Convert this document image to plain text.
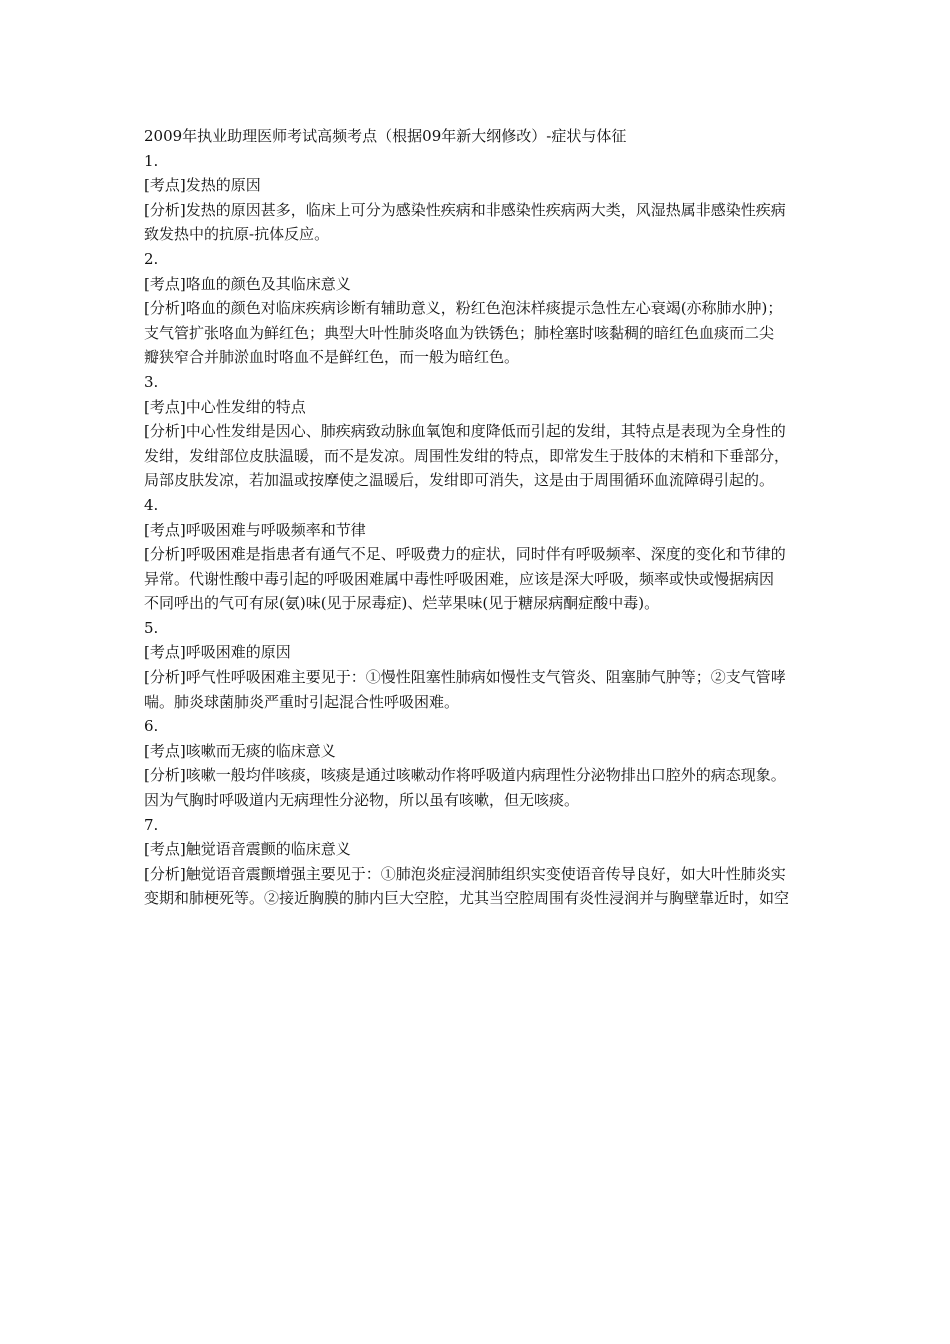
2009年执业助理医师考试高频考点（根据09年新大纲修改）-症状与体征
1.
[考点]发热的原因
[分析]发热的原因甚多，临床上可分为感染性疾病和非感染性疾病两大类，风湿热属非感染性疾病
致发热中的抗原-抗体反应。
2.
[考点]咯血的颜色及其临床意义
[分析]咯血的颜色对临床疾病诊断有辅助意义，粉红色泡沫样痰提示急性左心衰竭(亦称肺水肿)；
支气管扩张咯血为鲜红色；典型大叶性肺炎咯血为铁锈色；肺栓塞时咳黏稠的暗红色血痰而二尖
瓣狭窄合并肺淤血时咯血不是鲜红色，而一般为暗红色。
3.
[考点]中心性发绀的特点
[分析]中心性发绀是因心、肺疾病致动脉血氧饱和度降低而引起的发绀，其特点是表现为全身性的
发绀，发绀部位皮肤温暖，而不是发凉。周围性发绀的特点，即常发生于肢体的末梢和下垂部分，
局部皮肤发凉，若加温或按摩使之温暖后，发绀即可消失，这是由于周围循环血流障碍引起的。
4.
[考点]呼吸困难与呼吸频率和节律
[分析]呼吸困难是指患者有通气不足、呼吸费力的症状，同时伴有呼吸频率、深度的变化和节律的
异常。代谢性酸中毒引起的呼吸困难属中毒性呼吸困难，应该是深大呼吸，频率或快或慢据病因
不同呼出的气可有尿(氨)味(见于尿毒症)、烂苹果味(见于糖尿病酮症酸中毒)。
5.
[考点]呼吸困难的原因
[分析]呼气性呼吸困难主要见于：①慢性阻塞性肺病如慢性支气管炎、阻塞肺气肿等；②支气管哮
喘。肺炎球菌肺炎严重时引起混合性呼吸困难。
6.
[考点]咳嗽而无痰的临床意义
[分析]咳嗽一般均伴咳痰，咳痰是通过咳嗽动作将呼吸道内病理性分泌物排出口腔外的病态现象。
因为气胸时呼吸道内无病理性分泌物，所以虽有咳嗽，但无咳痰。
7.
[考点]触觉语音震颤的临床意义
[分析]触觉语音震颤增强主要见于：①肺泡炎症浸润肺组织实变使语音传导良好，如大叶性肺炎实
变期和肺梗死等。②接近胸膜的肺内巨大空腔，尤其当空腔周围有炎性浸润并与胸壁靠近时，如空
